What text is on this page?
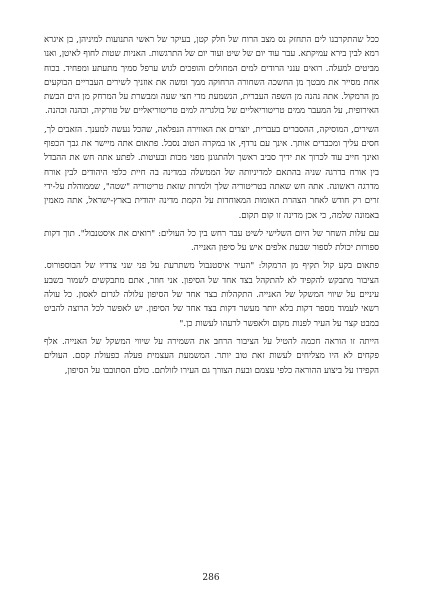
ככל שהתקרבנו לים התחזק נס מצב הרוח של חלק קטן, בעיקר של ראשי התנועות למיניהן, בן איגרא רמא לבין בירא עמיקתא. עבר עוד יום של שיט ועוד יום של התרגשות. האניות שטות לחוף לאיטן, ואנו מביטים למעלה. רואים ענני הרודים למים המחולים והופכים לגוש ערפל סמיך מתעתע ומפחיד. בכוח אחת מסייר את מבטך מן החשכה השחורה הרחוקה ממך ומשה את אוזניך לשירים העבריים הבוקעים מן הרמקול. אתה נהנה מן השפה העברית, הנשמעת מדי חצי שעה ומבשרת על המרחק מן הים הבשת האירופית, על המעבר ממים טריטוריאליים של בולגריה למים טריטוריאליים של טורקיה, וכהנה וכהנה.

השירים, המוסיקה, ההסברים בעברית, יוצרים את האווירה הנפלאה, שהכל נעשה למענך. הזאבים לך, חסים עליך ומכבדים אותך. אינך עם נרדף, או במקרה הטוב נסבל. פתאום אתה מיישר את גבך הכפוף ואינך חייב עוד לכרוך את ידיך סביב ראשך ולהתגונן מפני מכות ובעיטות. לפתע אתה חש את ההבדל בין אורח בדרגה שניה בהתאם למדיניותה של הממשלה במדינה בה חיית כלפי היהודים לבין אורח מדרגה ראשונה. אתה חש שאתה בטריטוריה שלך ולמרות שזאת טריטוריה "שטה", שממוהלת על-ידי זרים רק חודש לאחר הצהרת האומות המאוחדות על הקמת מדינה יהודית בארץ-ישראל, אתה מאמין באמונה שלמה, כי אכן מדינה זו קום תקום.

עם עלות השחר של היום השלישי לשיט עבר רחש בין כל העולים: "רואים את איסטנבול". תוך דקות ספורות יכולת לספור שבעת אלפים איש על סיפון האנייה.

פתאום בקע קול תקיף מן הרמקול: "העיר איסטנבול משתרעת על פני שני צדדיו של הבוספורוס. הציבור מתבקש להקפיד לא להתקהל בצד אחד של הסיפון. אני חוזר, אתם מתבקשים לשמור בשבע עיניים על שיווי המשקל של האנייה. התקהלות בצד אחד של הסיפון עלולה לגרום לאסון. כל עולה רשאי לעמוד מספר דקות בלא יותר מעשר דקות בצד אחד של הסיפון. יש לאפשר לכל הרוצה להביט במבט קצר על העיר לפנות מקום ולאפשר לרעהו לעשות כן."

הייתה זו הוראה חכמה להטיל על הציבור הרחב את השמירה על שיווי המשקל של האנייה. אלף פקחים לא היו מצליחים לעשות זאת טוב יותר. המשמעת העצמית פעלה כפעולת קסם. העולים הקפידו על ביצוע ההוראה כלפי עצמם ובעת הצורך גם העירו לזולתם. כולם הסתובבו על הסיפון,

286
